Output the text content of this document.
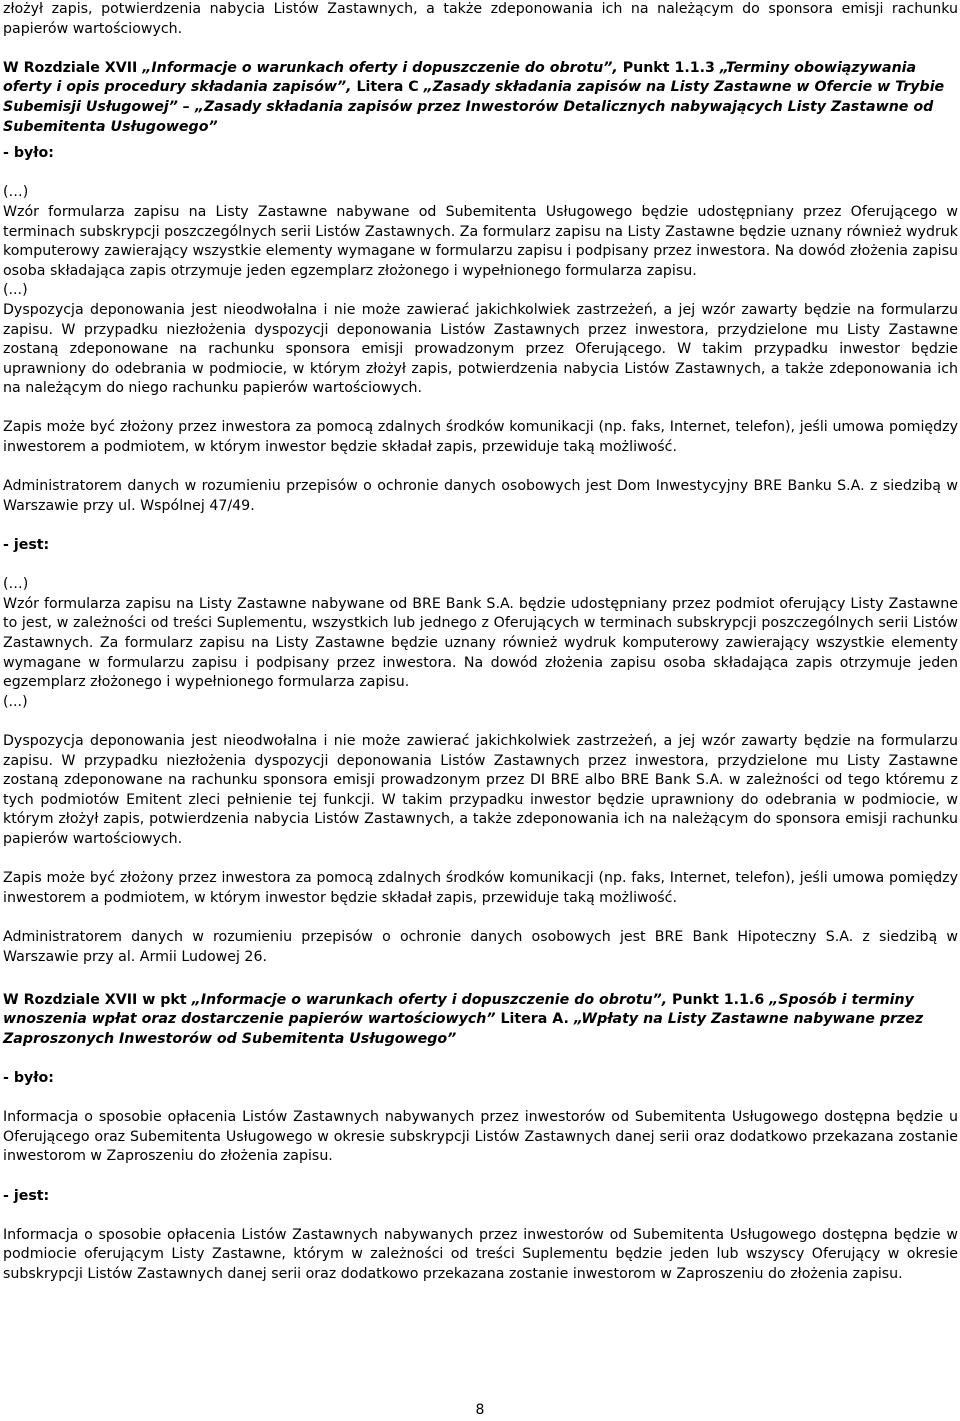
złożył zapis, potwierdzenia nabycia Listów Zastawnych, a także zdeponowania ich na należącym do sponsora emisji rachunku papierów wartościowych.

W Rozdziale XVII „Informacje o warunkach oferty i dopuszczenie do obrotu”, Punkt 1.1.3 „Terminy obowiązywania oferty i opis procedury składania zapisów”, Litera C „Zasady składania zapisów na Listy Zastawne w Ofercie w Trybie Subemisji Usługowej” – „Zasady składania zapisów przez Inwestorów Detalicznych nabywających Listy Zastawne od Subemitenta Usługowego”

- było:

(…)

Wzór formularza zapisu na Listy Zastawne nabywane od Subemitenta Usługowego będzie udostępniany przez Oferującego w terminach subskrypcji poszczególnych serii Listów Zastawnych. Za formularz zapisu na Listy Zastawne będzie uznany również wydruk komputerowy zawierający wszystkie elementy wymagane w formularzu zapisu i podpisany przez inwestora. Na dowód złożenia zapisu osoba składająca zapis otrzymuje jeden egzemplarz złożonego i wypełnionego formularza zapisu.

(...)

Dyspozycja deponowania jest nieodwołalna i nie może zawierać jakichkolwiek zastrzeżeń, a jej wzór zawarty będzie na formularzu zapisu. W przypadku niezłożenia dyspozycji deponowania Listów Zastawnych przez inwestora, przydzielone mu Listy Zastawne zostaną zdeponowane na rachunku sponsora emisji prowadzonym przez Oferującego. W takim przypadku inwestor będzie uprawniony do odebrania w podmiocie, w którym złożył zapis, potwierdzenia nabycia Listów Zastawnych, a także zdeponowania ich na należącym do niego rachunku papierów wartościowych.

Zapis może być złożony przez inwestora za pomocą zdalnych środków komunikacji (np. faks, Internet, telefon), jeśli umowa pomiędzy inwestorem a podmiotem, w którym inwestor będzie składał zapis, przewiduje taką możliwość.

Administratorem danych w rozumieniu przepisów o ochronie danych osobowych jest Dom Inwestycyjny BRE Banku S.A. z siedzibą w Warszawie przy ul. Wspólnej 47/49.

- jest:

(…)

Wzór formularza zapisu na Listy Zastawne nabywane od BRE Bank S.A. będzie udostępniany przez podmiot oferujący Listy Zastawne to jest, w zależności od treści Suplementu, wszystkich lub jednego z Oferujących w terminach subskrypcji poszczególnych serii Listów Zastawnych. Za formularz zapisu na Listy Zastawne będzie uznany również wydruk komputerowy zawierający wszystkie elementy wymagane w formularzu zapisu i podpisany przez inwestora. Na dowód złożenia zapisu osoba składająca zapis otrzymuje jeden egzemplarz złożonego i wypełnionego formularza zapisu.

(...)

Dyspozycja deponowania jest nieodwołalna i nie może zawierać jakichkolwiek zastrzeżeń, a jej wzór zawarty będzie na formularzu zapisu. W przypadku niezłożenia dyspozycji deponowania Listów Zastawnych przez inwestora, przydzielone mu Listy Zastawne zostaną zdeponowane na rachunku sponsora emisji prowadzonym przez DI BRE albo BRE Bank S.A. w zależności od tego któremu z tych podmiotów Emitent zleci pełnienie tej funkcji. W takim przypadku inwestor będzie uprawniony do odebrania w podmiocie, w którym złożył zapis, potwierdzenia nabycia Listów Zastawnych, a także zdeponowania ich na należącym do sponsora emisji rachunku papierów wartościowych.

Zapis może być złożony przez inwestora za pomocą zdalnych środków komunikacji (np. faks, Internet, telefon), jeśli umowa pomiędzy inwestorem a podmiotem, w którym inwestor będzie składał zapis, przewiduje taką możliwość.

Administratorem danych w rozumieniu przepisów o ochronie danych osobowych jest BRE Bank Hipoteczny S.A. z siedzibą w Warszawie przy al. Armii Ludowej 26.

W Rozdziale XVII w pkt „Informacje o warunkach oferty i dopuszczenie do obrotu”, Punkt 1.1.6 „Sposób i terminy wnoszenia wpłat oraz dostarczenie papierów wartościowych” Litera A. „Wpłaty na Listy Zastawne nabywane przez Zaproszonych Inwestorów od Subemitenta Usługowego”

- było:

Informacja o sposobie opłacenia Listów Zastawnych nabywanych przez inwestorów od Subemitenta Usługowego dostępna będzie u Oferującego oraz Subemitenta Usługowego w okresie subskrypcji Listów Zastawnych danej serii oraz dodatkowo przekazana zostanie inwestorom w Zaproszeniu do złożenia zapisu.

- jest:

Informacja o sposobie opłacenia Listów Zastawnych nabywanych przez inwestorów od Subemitenta Usługowego dostępna będzie w podmiocie oferującym Listy Zastawne, którym w zależności od treści Suplementu będzie jeden lub wszyscy Oferujący w okresie subskrypcji Listów Zastawnych danej serii oraz dodatkowo przekazana zostanie inwestorom w Zaproszeniu do złożenia zapisu.

8
